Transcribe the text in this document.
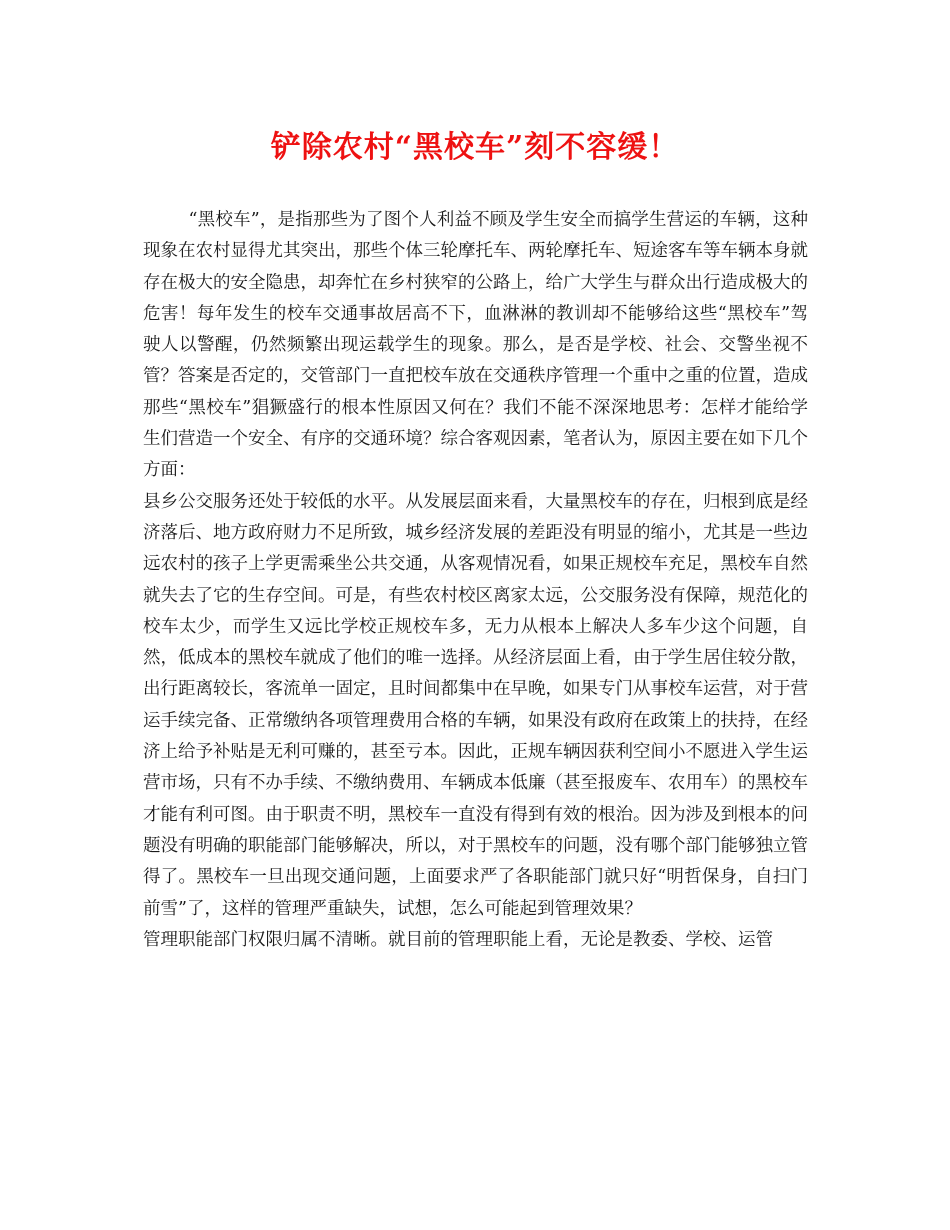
铲除农村“黑校车”刻不容缓！

“黑校车”，是指那些为了图个人利益不顾及学生安全而搞学生营运的车辆，这种现象在农村显得尤其突出，那些个体三轮摩托车、两轮摩托车、短途客车等车辆本身就存在极大的安全隐患，却奔忙在乡村狭窄的公路上，给广大学生与群众出行造成极大的危害！每年发生的校车交通事故居高不下，血淋淋的教训却不能够给这些“黑校车”驾驶人以警醒，仍然频繁出现运载学生的现象。那么，是否是学校、社会、交警坐视不管？答案是否定的，交管部门一直把校车放在交通秩序管理一个重中之重的位置，造成那些“黑校车”猖獗盛行的根本性原因又何在？我们不能不深深地思考：怎样才能给学生们营造一个安全、有序的交通环境？综合客观因素，笔者认为，原因主要在如下几个方面：

县乡公交服务还处于较低的水平。从发展层面来看，大量黑校车的存在，归根到底是经济落后、地方政府财力不足所致，城乡经济发展的差距没有明显的缩小，尤其是一些边远农村的孩子上学更需乘坐公共交通，从客观情况看，如果正规校车充足，黑校车自然就失去了它的生存空间。可是，有些农村校区离家太远，公交服务没有保障，规范化的校车太少，而学生又远比学校正规校车多，无力从根本上解决人多车少这个问题，自然，低成本的黑校车就成了他们的唯一选择。从经济层面上看，由于学生居住较分散，出行距离较长，客流单一固定，且时间都集中在早晚，如果专门从事校车运营，对于营运手续完备、正常缴纳各项管理费用合格的车辆，如果没有政府在政策上的扶持，在经济上给予补贴是无利可赚的，甚至亏本。因此，正规车辆因获利空间小不愿进入学生运营市场，只有不办手续、不缴纳费用、车辆成本低廉（甚至报废车、农用车）的黑校车才能有利可图。由于职责不明，黑校车一直没有得到有效的根治。因为涉及到根本的问题没有明确的职能部门能够解决，所以，对于黑校车的问题，没有哪个部门能够独立管得了。黑校车一旦出现交通问题，上面要求严了各职能部门就只好“明哲保身，自扫门前雪”了，这样的管理严重缺失，试想，怎么可能起到管理效果？

管理职能部门权限归属不清晰。就目前的管理职能上看，无论是教委、学校、运管
